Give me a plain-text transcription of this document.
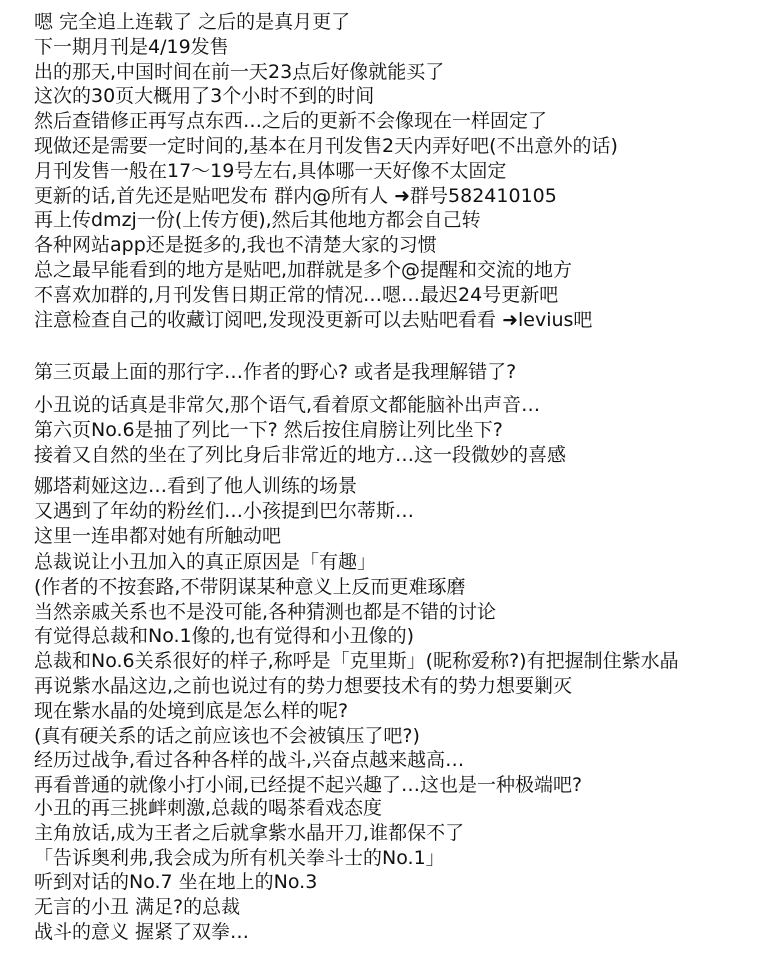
嗯 完全追上连载了 之后的是真月更了
下一期月刊是4/19发售
出的那天,中国时间在前一天23点后好像就能买了
这次的30页大概用了3个小时不到的时间
然后查错修正再写点东西…之后的更新不会像现在一样固定了
现做还是需要一定时间的,基本在月刊发售2天内弄好吧(不出意外的话)
月刊发售一般在17〜19号左右,具体哪一天好像不太固定
更新的话,首先还是贴吧发布 群内@所有人 ➜群号582410105
再上传dmzj一份(上传方便),然后其他地方都会自己转
各种网站app还是挺多的,我也不清楚大家的习惯
总之最早能看到的地方是贴吧,加群就是多个@提醒和交流的地方
不喜欢加群的,月刊发售日期正常的情况…嗯…最迟24号更新吧
注意检查自己的收藏订阅吧,发现没更新可以去贴吧看看 ➜levius吧
第三页最上面的那行字…作者的野心? 或者是我理解错了?
小丑说的话真是非常欠,那个语气,看着原文都能脑补出声音…
第六页No.6是抽了列比一下? 然后按住肩膀让列比坐下?
接着又自然的坐在了列比身后非常近的地方…这一段微妙的喜感
娜塔莉娅这边…看到了他人训练的场景
又遇到了年幼的粉丝们…小孩提到巴尔蒂斯…
这里一连串都对她有所触动吧
总裁说让小丑加入的真正原因是「有趣」
(作者的不按套路,不带阴谋某种意义上反而更难琢磨
当然亲戚关系也不是没可能,各种猜测也都是不错的讨论
有觉得总裁和No.1像的,也有觉得和小丑像的)
总裁和No.6关系很好的样子,称呼是「克里斯」(昵称爱称?)有把握制住紫水晶
再说紫水晶这边,之前也说过有的势力想要技术有的势力想要剿灭
现在紫水晶的处境到底是怎么样的呢?
(真有硬关系的话之前应该也不会被镇压了吧?)
经历过战争,看过各种各样的战斗,兴奋点越来越高…
再看普通的就像小打小闹,已经提不起兴趣了…这也是一种极端吧?
小丑的再三挑衅刺激,总裁的喝茶看戏态度
主角放话,成为王者之后就拿紫水晶开刀,谁都保不了
「告诉奥利弗,我会成为所有机关拳斗士的No.1」
听到对话的No.7 坐在地上的No.3
无言的小丑 满足?的总裁
战斗的意义 握紧了双拳…
